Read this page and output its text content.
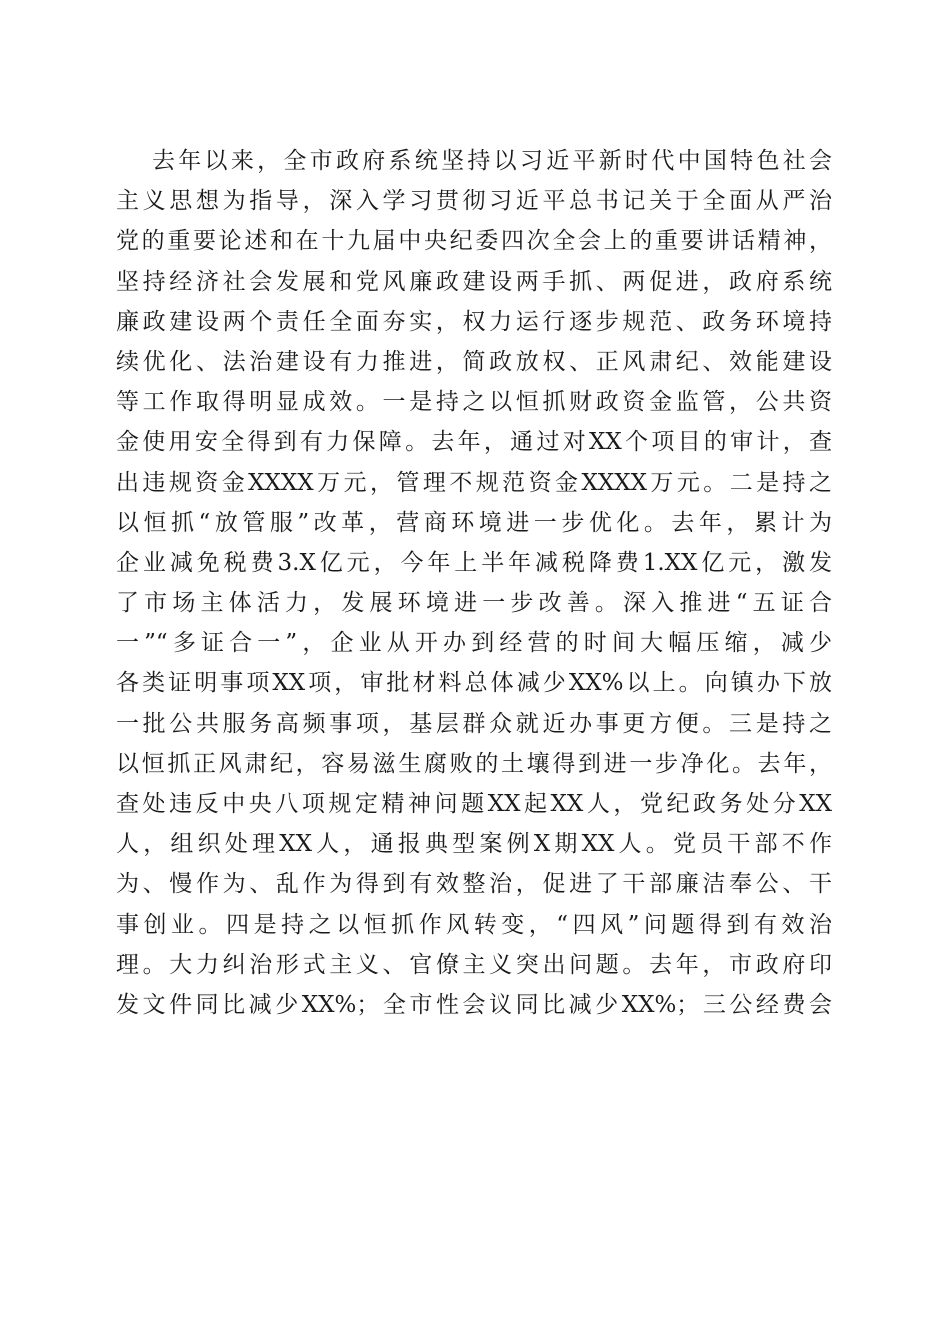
去年以来，全市政府系统坚持以习近平新时代中国特色社会
主义思想为指导，深入学习贯彻习近平总书记关于全面从严治
党的重要论述和在十九届中央纪委四次全会上的重要讲话精神，
坚持经济社会发展和党风廉政建设两手抓、两促进，政府系统
廉政建设两个责任全面夯实，权力运行逐步规范、政务环境持
续优化、法治建设有力推进，简政放权、正风肃纪、效能建设
等工作取得明显成效。一是持之以恒抓财政资金监管，公共资
金使用安全得到有力保障。去年，通过对XX个项目的审计，查
出违规资金XXXX万元，管理不规范资金XXXX万元。二是持之
以恒抓“放管服”改革，营商环境进一步优化。去年，累计为
企业减免税费3.X亿元，今年上半年减税降费1.XX亿元，激发
了市场主体活力，发展环境进一步改善。深入推进“五证合
一”“多证合一”，企业从开办到经营的时间大幅压缩，减少
各类证明事项XX项，审批材料总体减少XX%以上。向镇办下放
一批公共服务高频事项，基层群众就近办事更方便。三是持之
以恒抓正风肃纪，容易滋生腐败的土壤得到进一步净化。去年，
查处违反中央八项规定精神问题XX起XX人，党纪政务处分XX
人，组织处理XX人，通报典型案例X期XX人。党员干部不作
为、慢作为、乱作为得到有效整治，促进了干部廉洁奉公、干
事创业。四是持之以恒抓作风转变，“四风”问题得到有效治
理。大力纠治形式主义、官僚主义突出问题。去年，市政府印
发文件同比减少XX%；全市性会议同比减少XX%；三公经费会
